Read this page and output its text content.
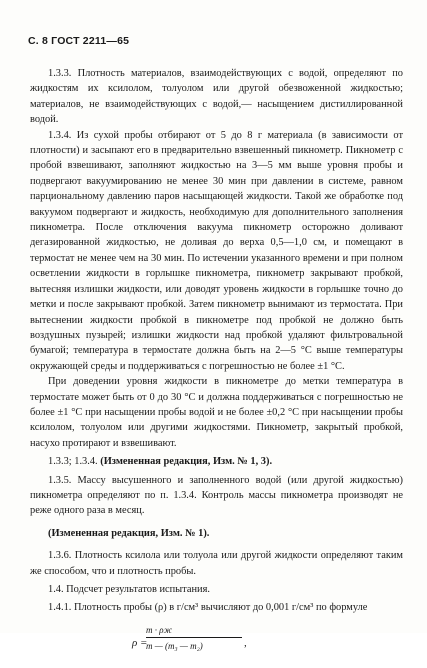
С. 8 ГОСТ 2211—65

1.3.3. Плотность материалов, взаимодействующих с водой, определяют по жидкостям их ксилолом, толуолом или другой обезвоженной жидкостью; материалов, не взаимодействующих с водой,— насыщением дистиллированной водой.

1.3.4. Из сухой пробы отбирают от 5 до 8 г материала (в зависимости от плотности) и засыпают его в предварительно взвешенный пикнометр. Пикнометр с пробой взвешивают, заполняют жидкостью на 3—5 мм выше уровня пробы и подвергают вакуумированию не менее 30 мин при давлении в системе, равном парциональному давлению паров насыщающей жидкости. Такой же обработке под вакуумом подвергают и жидкость, необходимую для дополнительного заполнения пикнометра. После отключения вакуума пикнометр осторожно доливают дегазированной жидкостью, не доливая до верха 0,5—1,0 см, и помещают в термостат не менее чем на 30 мин. По истечении указанного времени и при полном осветлении жидкости в горлышке пикнометра, пикнометр закрывают пробкой, вытесняя излишки жидкости, или доводят уровень жидкости в горлышке точно до метки и после закрывают пробкой. Затем пикнометр вынимают из термостата. При вытеснении жидкости пробкой в пикнометре под пробкой не должно быть воздушных пузырей; излишки жидкости над пробкой удаляют фильтровальной бумагой; температура в термостате должна быть на 2—5 °С выше температуры окружающей среды и поддерживаться с погрешностью не более ±1 °С.

При доведении уровня жидкости в пикнометре до метки температура в термостате может быть от 0 до 30 °С и должна поддерживаться с погрешностью не более ±1 °С при насыщении пробы водой и не более ±0,2 °С при насыщении пробы ксилолом, толуолом или другими жидкостями. Пикнометр, закрытый пробкой, насухо протирают и взвешивают.

1.3.3; 1.3.4. (Измененная редакция, Изм. № 1, 3).

1.3.5. Массу высушенного и заполненного водой (или другой жидкостью) пикнометра определяют по п. 1.3.4. Контроль массы пикнометра производят не реже одного раза в месяц.

(Измененная редакция, Изм. № 1).

1.3.6. Плотность ксилола или толуола или другой жидкости определяют таким же способом, что и плотность пробы.

1.4. Подсчет результатов испытания.

1.4.1. Плотность пробы (ρ) в г/см³ вычисляют до 0,001 г/см³ по формуле

ρ =
m · ρж
m — (m₃ — m₂)	,
